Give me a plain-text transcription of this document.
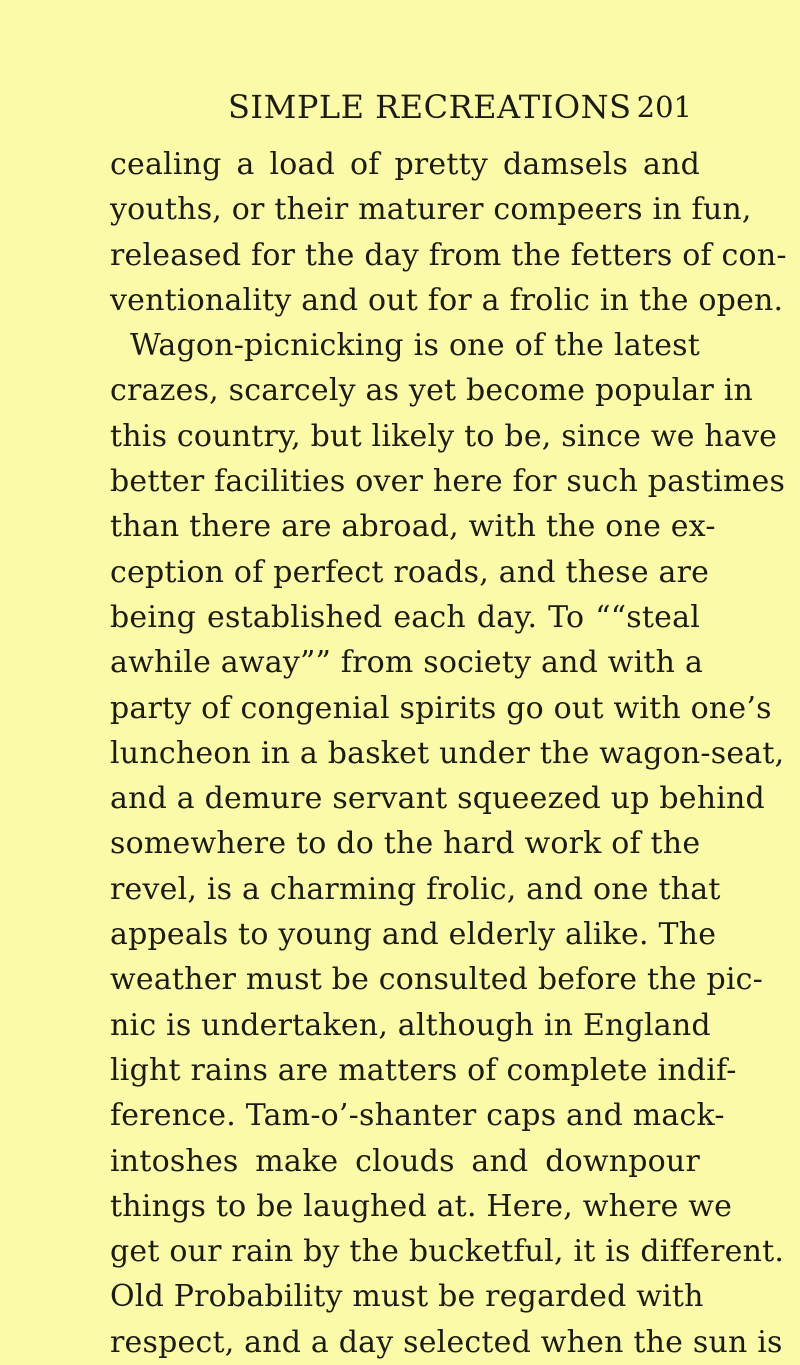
SIMPLE RECREATIONS 201
cealing a load of pretty damsels and
youths, or their maturer compeers in fun,
released for the day from the fetters of con-
ventionality and out for a frolic in the open.
Wagon-picnicking is one of the latest
crazes, scarcely as yet become popular in
this country, but likely to be, since we have
better facilities over here for such pastimes
than there are abroad, with the one ex-
ception of perfect roads, and these are
being established each day. To ““steal
awhile away”” from society and with a
party of congenial spirits go out with one’s
luncheon in a basket under the wagon-seat,
and a demure servant squeezed up behind
somewhere to do the hard work of the
revel, is a charming frolic, and one that
appeals to young and elderly alike. The
weather must be consulted before the pic-
nic is undertaken, although in England
light rains are matters of complete indif-
ference. Tam-o’-shanter caps and mack-
intoshes make clouds and downpour
things to be laughed at. Here, where we
get our rain by the bucketful, it is different.
Old Probability must be regarded with
respect, and a day selected when the sun is
